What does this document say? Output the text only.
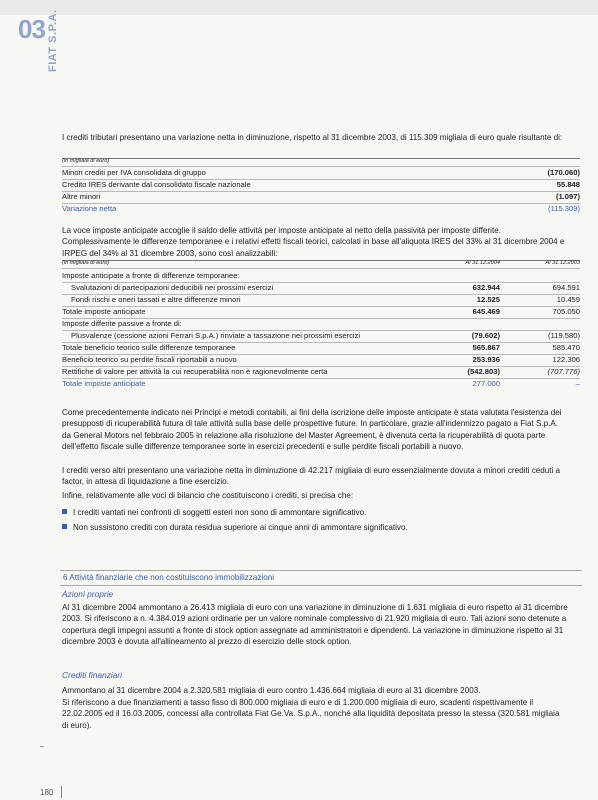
03 FIAT S.P.A.

I crediti tributari presentano una variazione netta in diminuzione, rispetto al 31 dicembre 2003, di 115.309 migliaia di euro quale risultante di:

(in migliaia di euro)
Minori crediti per IVA consolidata di gruppo	(170.060)
Credito IRES derivante dal consolidato fiscale nazionale	55.848
Altre minori	(1.097)
Variazione netta	(115.309)

La voce imposte anticipate accoglie il saldo delle attività per imposte anticipate al netto della passività per imposte differite. Complessivamente le differenze temporanee e i relativi effetti fiscali teorici, calcolati in base all'aliquota IRES del 33% al 31 dicembre 2004 e IRPEG del 34% al 31 dicembre 2003, sono così analizzabili:

(in migliaia di euro)	Al 31.12.2004	Al 31.12.2003
Imposte anticipate a fronte di differenze temporanee:
Svalutazioni di partecipazioni deducibili nei prossimi esercizi	632.944	694.591
Fondi rischi e oneri tassati e altre differenze minori	12.525	10.459
Totale imposte anticipate	645.469	705.050
Imposte differite passive a fronte di:
Plusvalenze (cessione azioni Ferrari S.p.A.) rinviate a tassazione nei prossimi esercizi	(79.602)	(119.580)
Totale beneficio teorico sulle differenze temporanee	565.867	585.470
Beneficio teorico su perdite fiscali riportabili a nuovo	253.936	122.306
Rettifiche di valore per attività la cui recuperabilità non è ragionevolmente certa	(542.803)	(707.776)
Totale imposte anticipate	277.000	–

Come precedentemente indicato nei Principi e metodi contabili, ai fini della iscrizione delle imposte anticipate è stata valutata l'esistenza dei presupposti di ricuperabilità futura di tale attività sulla base delle prospettive future. In particolare, grazie all'indennizzo pagato a Fiat S.p.A. da General Motors nel febbraio 2005 in relazione alla risoluzione del Master Agreement, è divenuta certa la ricuperabilità di quota parte dell'effetto fiscale sulle differenze temporanee sorte in esercizi precedenti e sulle perdite fiscali portabili a nuovo.

I crediti verso altri presentano una variazione netta in diminuzione di 42.217 migliaia di euro essenzialmente dovuta a minori crediti ceduti a factor, in attesa di liquidazione a fine esercizio.

Infine, relativamente alle voci di bilancio che costituiscono i crediti, si precisa che:

I crediti vantati nei confronti di soggetti esteri non sono di ammontare significativo.
Non sussistono crediti con durata residua superiore ai cinque anni di ammontare significativo.
6 Attività finanziarie che non costituiscono immobilizzazioni
Azioni proprie

Al 31 dicembre 2004 ammontano a 26.413 migliaia di euro con una variazione in diminuzione di 1.631 migliaia di euro rispetto al 31 dicembre 2003. Si riferiscono a n. 4.384.019 azioni ordinarie per un valore nominale complessivo di 21.920 migliaia di euro. Tali azioni sono detenute a copertura degli impegni assunti a fronte di stock option assegnate ad amministratori e dipendenti. La variazione in diminuzione rispetto al 31 dicembre 2003 è dovuta all'allineamento al prezzo di esercizio delle stock option.

Crediti finanziari

Ammontano al 31 dicembre 2004 a 2.320.581 migliaia di euro contro 1.436.664 migliaia di euro al 31 dicembre 2003.

Si riferiscono a due finanziamenti a tasso fisso di 800.000 migliaia di euro e di 1.200.000 migliaia di euro, scadenti rispettivamente il 22.02.2005 ed il 16.03.2005, concessi alla controllata Fiat Ge.Va. S.p.A., nonché alla liquidità depositata presso la stessa (320.581 migliaia di euro).

180
